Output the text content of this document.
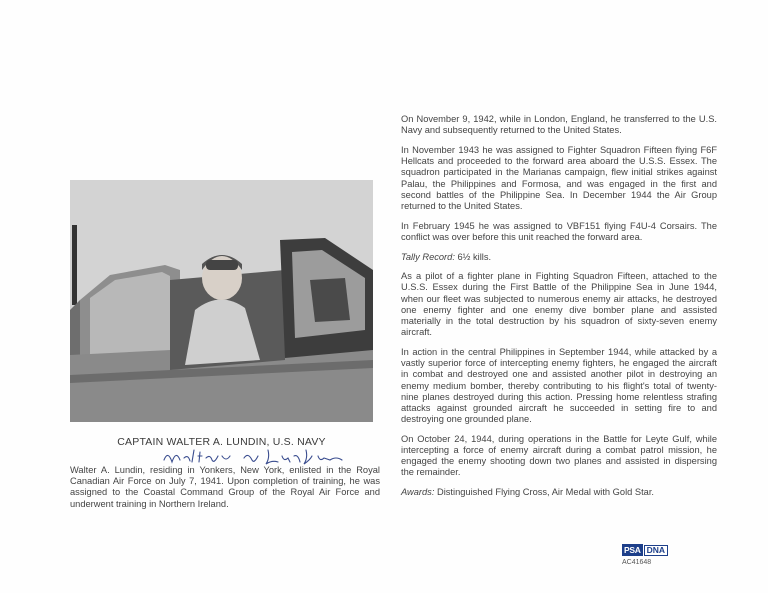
CAPTAIN WALTER A. LUNDIN, U.S. NAVY
Walter A. Lundin, residing in Yonkers, New York, enlisted in the Royal Canadian Air Force on July 7, 1941. Upon completion of training, he was assigned to the Coastal Command Group of the Royal Air Force and underwent training in Northern Ireland.

On November 9, 1942, while in London, England, he transferred to the U.S. Navy and subsequently returned to the United States.

In November 1943 he was assigned to Fighter Squadron Fifteen flying F6F Hellcats and proceeded to the forward area aboard the U.S.S. Essex. The squadron participated in the Marianas campaign, flew initial strikes against Palau, the Philippines and Formosa, and was engaged in the first and second battles of the Philippine Sea. In December 1944 the Air Group returned to the United States.

In February 1945 he was assigned to VBF151 flying F4U-4 Corsairs. The conflict was over before this unit reached the forward area.

Tally Record: 6½ kills.

As a pilot of a fighter plane in Fighting Squadron Fifteen, attached to the U.S.S. Essex during the First Battle of the Philippine Sea in June 1944, when our fleet was subjected to numerous enemy air attacks, he destroyed one enemy fighter and one enemy dive bomber plane and assisted materially in the total destruction by his squadron of sixty-seven enemy aircraft.

In action in the central Philippines in September 1944, while attacked by a vastly superior force of intercepting enemy fighters, he engaged the aircraft in combat and destroyed one and assisted another pilot in destroying an enemy medium bomber, thereby contributing to his flight's total of twenty-nine planes destroyed during this action. Pressing home relentless strafing attacks against grounded aircraft he succeeded in setting fire to and destroying one grounded plane.

On October 24, 1944, during operations in the Battle for Leyte Gulf, while intercepting a force of enemy aircraft during a combat patrol mission, he engaged the enemy shooting down two planes and assisted in dispersing the remainder.

Awards: Distinguished Flying Cross, Air Medal with Gold Star.

PSA DNA
AC41648
